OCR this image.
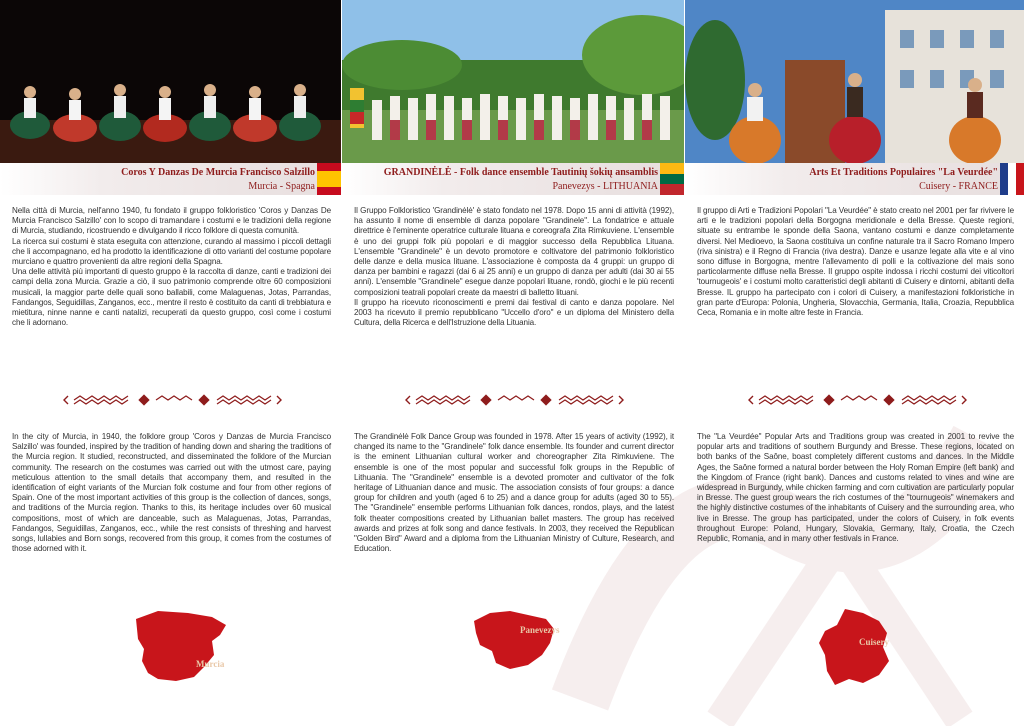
Coros Y Danzas De Murcia Francisco Salzillo
Murcia - Spagna

Nella città di Murcia, nell'anno 1940, fu fondato il gruppo folkloristico 'Coros y Danzas De Murcia Francisco Salzillo' con lo scopo di tramandare i costumi e le tradizioni della regione di Murcia, studiando, ricostruendo e divulgando il ricco folklore di questa comunità.

La ricerca sui costumi è stata eseguita con attenzione, curando al massimo i piccoli dettagli che li accompagnano, ed ha prodotto la identificazione di otto varianti del costume popolare murciano e quattro provenienti da altre regioni della Spagna.

Una delle attività più importanti di questo gruppo è la raccolta di danze, canti e tradizioni dei campi della zona Murcia. Grazie a ciò, il suo patrimonio comprende oltre 60 composizioni musicali, la maggior parte delle quali sono ballabili, come Malaguenas, Jotas, Parrandas, Fandangos, Seguidillas, Zanganos, ecc., mentre il resto è costituito da canti di trebbiatura e mietitura, ninne nanne e canti natalizi, recuperati da questo gruppo, così come i costumi che li adornano.

In the city of Murcia, in 1940, the folklore group 'Coros y Danzas de Murcia Francisco Salzillo' was founded, inspired by the tradition of handing down and sharing the traditions of the Murcia region. It studied, reconstructed, and disseminated the folklore of the Murcian community. The research on the costumes was carried out with the utmost care, paying meticulous attention to the small details that accompany them, and resulted in the identification of eight variants of the Murcian folk costume and four from other regions of Spain. One of the most important activities of this group is the collection of dances, songs, and traditions of the Murcia region. Thanks to this, its heritage includes over 60 musical compositions, most of which are danceable, such as Malaguenas, Jotas, Parrandas, Fandangos, Seguidillas, Zanganos, ecc., while the rest consists of threshing and harvest songs, lullabies and Born songs, recovered from this group, it comes from the costumes of those adorned with it.

Murcia
GRANDINĖLĖ - Folk dance ensemble Tautinių šokių ansamblis
Panevezys - LITHUANIA

Il Gruppo Folkloristico 'Grandinėlė' è stato fondato nel 1978. Dopo 15 anni di attività (1992), ha assunto il nome di ensemble di danza popolare "Grandinele". La fondatrice e attuale direttrice è l'eminente operatrice culturale lituana e coreografa Zita Rimkuviene. L'ensemble è uno dei gruppi folk più popolari e di maggior successo della Repubblica Lituana. L'ensemble "Grandinele" è un devoto promotore e coltivatore del patrimonio folkloristico delle danze e della musica lituane. L'associazione è composta da 4 gruppi: un gruppo di danza per bambini e ragazzi (dai 6 ai 25 anni) e un gruppo di danza per adulti (dai 30 ai 55 anni). L'ensemble "Grandinele" esegue danze popolari lituane, rondò, giochi e le più recenti composizioni teatrali popolari create da maestri di balletto lituani.

Il gruppo ha ricevuto riconoscimenti e premi dai festival di canto e danza popolare. Nel 2003 ha ricevuto il premio repubblicano "Uccello d'oro" e un diploma del Ministero della Cultura, della Ricerca e dell'Istruzione della Lituania.

The Grandinėlė Folk Dance Group was founded in 1978. After 15 years of activity (1992), it changed its name to the "Grandinele" folk dance ensemble. Its founder and current director is the eminent Lithuanian cultural worker and choreographer Zita Rimkuviene. The ensemble is one of the most popular and successful folk groups in the Republic of Lithuania. The "Grandinele" ensemble is a devoted promoter and cultivator of the folk heritage of Lithuanian dance and music. The association consists of four groups: a dance group for children and youth (aged 6 to 25) and a dance group for adults (aged 30 to 55). The "Grandinele" ensemble performs Lithuanian folk dances, rondos, plays, and the latest folk theater compositions created by Lithuanian ballet masters. The group has received awards and prizes at folk song and dance festivals. In 2003, they received the Republican "Golden Bird" Award and a diploma from the Lithuanian Ministry of Culture, Research, and Education.

Panevezys
Arts Et Traditions Populaires "La Veurdée"
Cuisery - FRANCE

Il gruppo di Arti e Tradizioni Popolari "La Veurdée" è stato creato nel 2001 per far rivivere le arti e le tradizioni popolari della Borgogna meridionale e della Bresse. Queste regioni, situate su entrambe le sponde della Saona, vantano costumi e danze completamente diversi. Nel Medioevo, la Saona costituiva un confine naturale tra il Sacro Romano Impero (riva sinistra) e il Regno di Francia (riva destra). Danze e usanze legate alla vite e al vino sono diffuse in Borgogna, mentre l'allevamento di polli e la coltivazione del mais sono particolarmente diffuse nella Bresse. Il gruppo ospite indossa i ricchi costumi dei viticoltori 'tournugeois' e i costumi molto caratteristici degli abitanti di Cuisery e dintorni, abitanti della Bresse. IL gruppo ha partecipato con i colori di Cuisery, a manifestazioni folkloristiche in gran parte d'Europa: Polonia, Ungheria, Slovacchia, Germania, Italia, Croazia, Repubblica Ceca, Romania e in molte altre feste in Francia.

The "La Veurdée" Popular Arts and Traditions group was created in 2001 to revive the popular arts and traditions of southern Burgundy and Bresse. These regions, located on both banks of the Saône, boast completely different customs and dances. In the Middle Ages, the Saône formed a natural border between the Holy Roman Empire (left bank) and the Kingdom of France (right bank). Dances and customs related to vines and wine are widespread in Burgundy, while chicken farming and corn cultivation are particularly popular in Bresse. The guest group wears the rich costumes of the "tournugeois" winemakers and the highly distinctive costumes of the inhabitants of Cuisery and the surrounding area, who live in Bresse. The group has participated, under the colors of Cuisery, in folk events throughout Europe: Poland, Hungary, Slovakia, Germany, Italy, Croatia, the Czech Republic, Romania, and in many other festivals in France.

Cuisery
